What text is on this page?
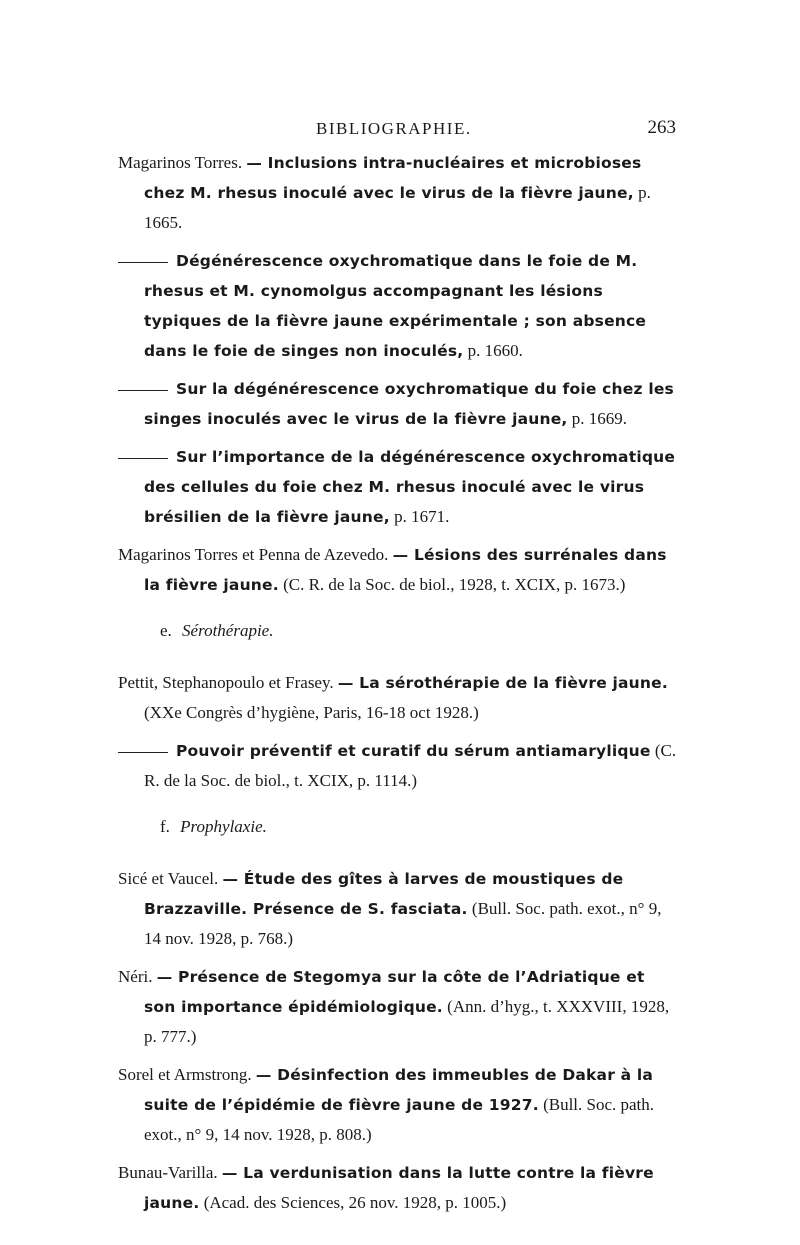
BIBLIOGRAPHIE.	263
Magarinos Torres. — Inclusions intra-nucléaires et microbioses chez M. rhesus inoculé avec le virus de la fièvre jaune, p. 1665.
Dégénérescence oxychromatique dans le foie de M. rhesus et M. cynomolgus accompagnant les lésions typiques de la fièvre jaune expérimentale ; son absence dans le foie de singes non inoculés, p. 1660.
Sur la dégénérescence oxychromatique du foie chez les singes inoculés avec le virus de la fièvre jaune, p. 1669.
Sur l’importance de la dégénérescence oxychromatique des cellules du foie chez M. rhesus inoculé avec le virus brésilien de la fièvre jaune, p. 1671.
Magarinos Torres et Penna de Azevedo. — Lésions des surrénales dans la fièvre jaune. (C. R. de la Soc. de biol., 1928, t. XCIX, p. 1673.)
e. Sérothérapie.
Pettit, Stephanopoulo et Frasey. — La sérothérapie de la fièvre jaune. (XXe Congrès d’hygiène, Paris, 16-18 oct 1928.)
Pouvoir préventif et curatif du sérum antiamarylique (C. R. de la Soc. de biol., t. XCIX, p. 1114.)
f. Prophylaxie.
Sicé et Vaucel. — Étude des gîtes à larves de moustiques de Brazzaville. Présence de S. fasciata. (Bull. Soc. path. exot., n° 9, 14 nov. 1928, p. 768.)
Néri. — Présence de Stegomya sur la côte de l’Adriatique et son importance épidémiologique. (Ann. d’hyg., t. XXXVIII, 1928, p. 777.)
Sorel et Armstrong. — Désinfection des immeubles de Dakar à la suite de l’épidémie de fièvre jaune de 1927. (Bull. Soc. path. exot., n° 9, 14 nov. 1928, p. 808.)
Bunau-Varilla. — La verdunisation dans la lutte contre la fièvre jaune. (Acad. des Sciences, 26 nov. 1928, p. 1005.)
